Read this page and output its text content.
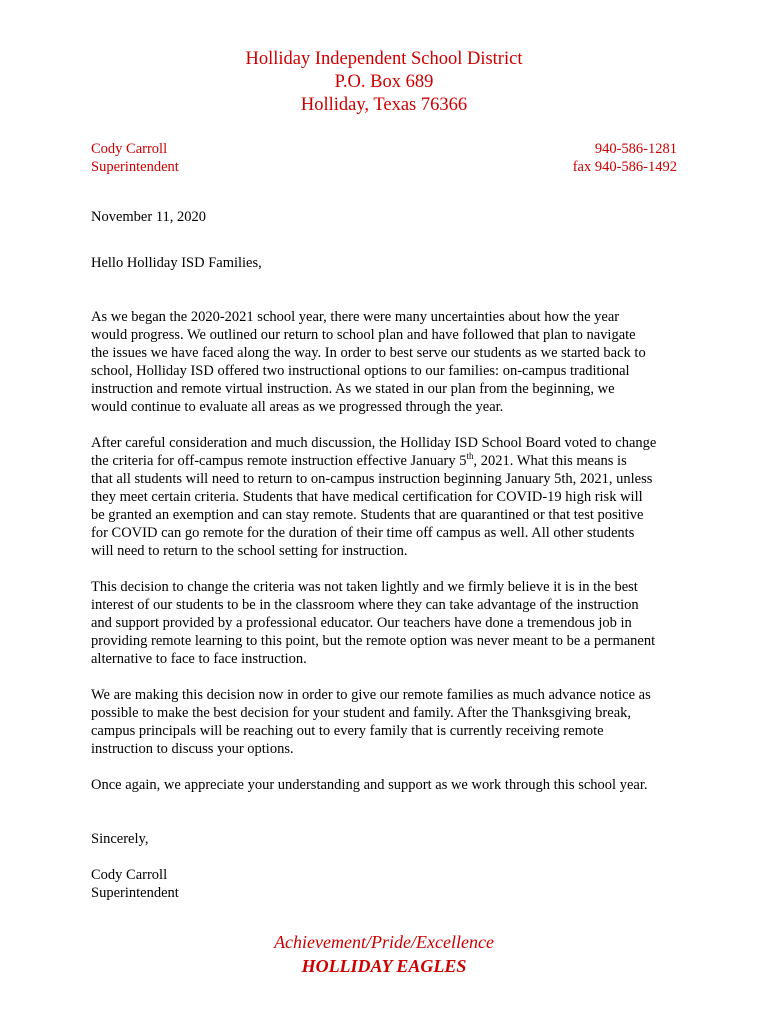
Holliday Independent School District
P.O. Box 689
Holliday, Texas 76366
Cody Carroll
Superintendent
940-586-1281
fax 940-586-1492

November 11, 2020

Hello Holliday ISD Families,

As we began the 2020-2021 school year, there were many uncertainties about how the year
would progress. We outlined our return to school plan and have followed that plan to navigate
the issues we have faced along the way. In order to best serve our students as we started back to
school, Holliday ISD offered two instructional options to our families: on-campus traditional
instruction and remote virtual instruction. As we stated in our plan from the beginning, we
would continue to evaluate all areas as we progressed through the year.

After careful consideration and much discussion, the Holliday ISD School Board voted to change
the criteria for off-campus remote instruction effective January 5th, 2021. What this means is
that all students will need to return to on-campus instruction beginning January 5th, 2021, unless
they meet certain criteria. Students that have medical certification for COVID-19 high risk will
be granted an exemption and can stay remote. Students that are quarantined or that test positive
for COVID can go remote for the duration of their time off campus as well. All other students
will need to return to the school setting for instruction.

This decision to change the criteria was not taken lightly and we firmly believe it is in the best
interest of our students to be in the classroom where they can take advantage of the instruction
and support provided by a professional educator. Our teachers have done a tremendous job in
providing remote learning to this point, but the remote option was never meant to be a permanent
alternative to face to face instruction.

We are making this decision now in order to give our remote families as much advance notice as
possible to make the best decision for your student and family. After the Thanksgiving break,
campus principals will be reaching out to every family that is currently receiving remote
instruction to discuss your options.

Once again, we appreciate your understanding and support as we work through this school year.

Sincerely,

Cody Carroll
Superintendent

Achievement/Pride/Excellence
HOLLIDAY EAGLES
